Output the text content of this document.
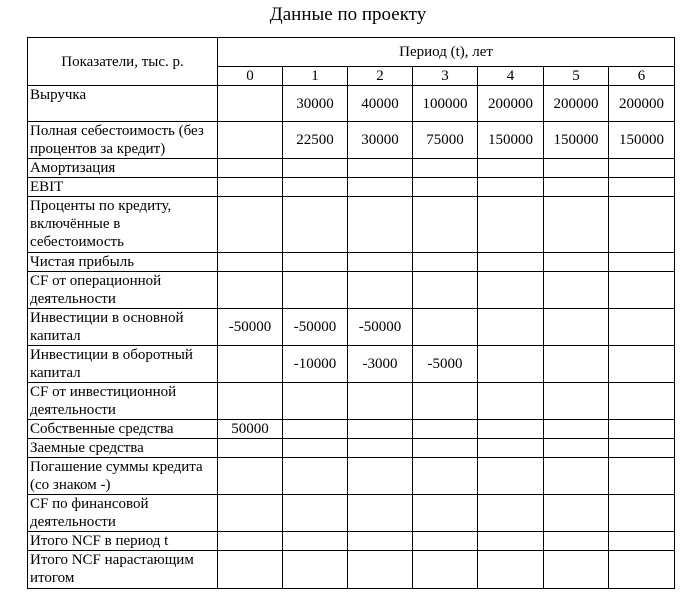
Данные по проекту
Показатели, тыс. р.	Период (t), лет						
	0	1	2	3	4	5	6
Выручка		30000	40000	100000	200000	200000	200000
Полная себестоимость (без процентов за кредит)		22500	30000	75000	150000	150000	150000
Амортизация							
EBIT							
Проценты по кредиту, включённые в себестоимость							
Чистая прибыль							
CF от операционной деятельности							
Инвестиции в основной капитал	-50000	-50000	-50000				
Инвестиции в оборотный капитал		-10000	-3000	-5000			
CF от инвестиционной деятельности							
Собственные средства	50000						
Заемные средства							
Погашение суммы кредита (со знаком -)							
CF по финансовой деятельности							
Итого NCF в период t							
Итого NCF нарастающим итогом							
